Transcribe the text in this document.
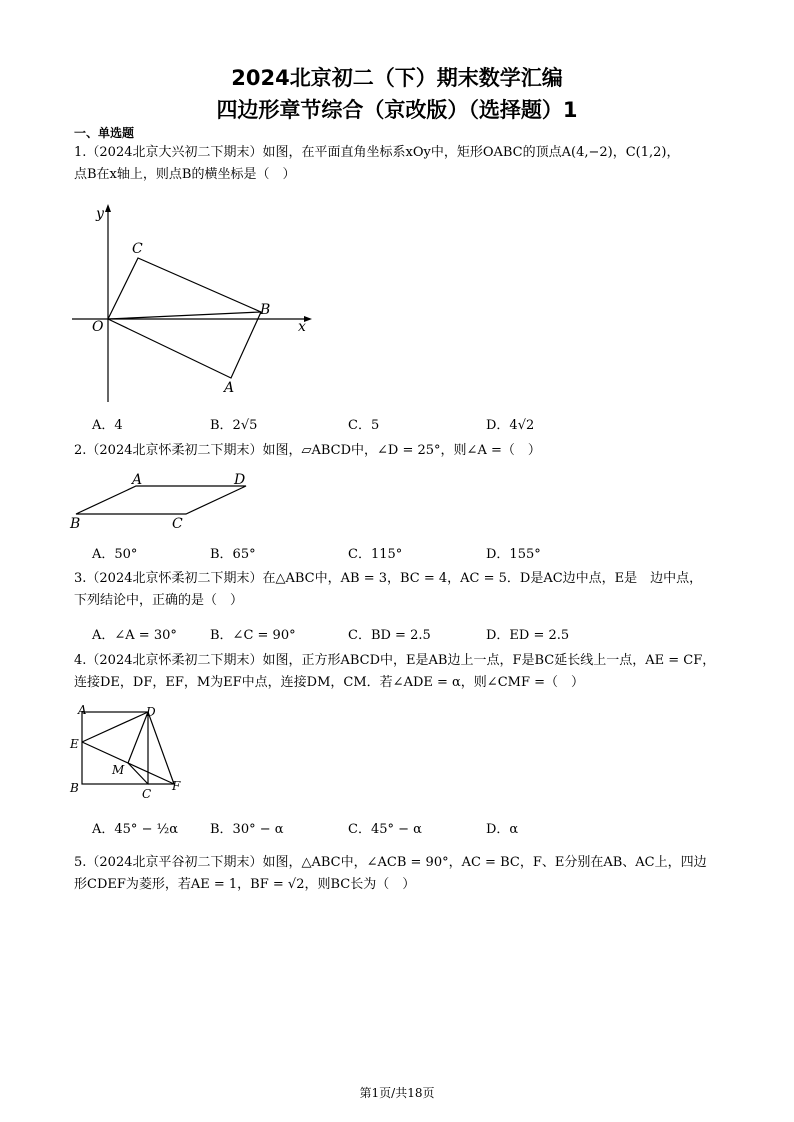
2024北京初二（下）期末数学汇编
四边形章节综合（京改版）（选择题）1
一、单选题
1.（2024北京大兴初二下期末）如图，在平面直角坐标系xOy中，矩形OABC的顶点A(4,−2)，C(1,2)，
点B在x轴上，则点B的横坐标是（　）
y
x
O
C
B
A
A．4	B．2√5	C．5	D．4√2
2.（2024北京怀柔初二下期末）如图，▱ABCD中，∠D = 25°，则∠A =（　）
A	D
B	C
A．50°	B．65°	C．115°	D．155°
3.（2024北京怀柔初二下期末）在△ABC中，AB = 3，BC = 4，AC = 5．D是AC边中点，E是　边中点，
下列结论中，正确的是（　）
A．∠A = 30°	B．∠C = 90°	C．BD = 2.5	D．ED = 2.5
4.（2024北京怀柔初二下期末）如图，正方形ABCD中，E是AB边上一点，F是BC延长线上一点，AE = CF，
连接DE，DF，EF，M为EF中点，连接DM，CM．若∠ADE = α，则∠CMF =（　）
A	D
E
M
B	C
F
A．45° − ½α B．30° − α	C．45° − α	D．α
5.（2024北京平谷初二下期末）如图，△ABC中，∠ACB = 90°，AC = BC，F、E分别在AB、AC上，四边
形CDEF为菱形，若AE = 1，BF = √2，则BC长为（　）
第1页/共18页
